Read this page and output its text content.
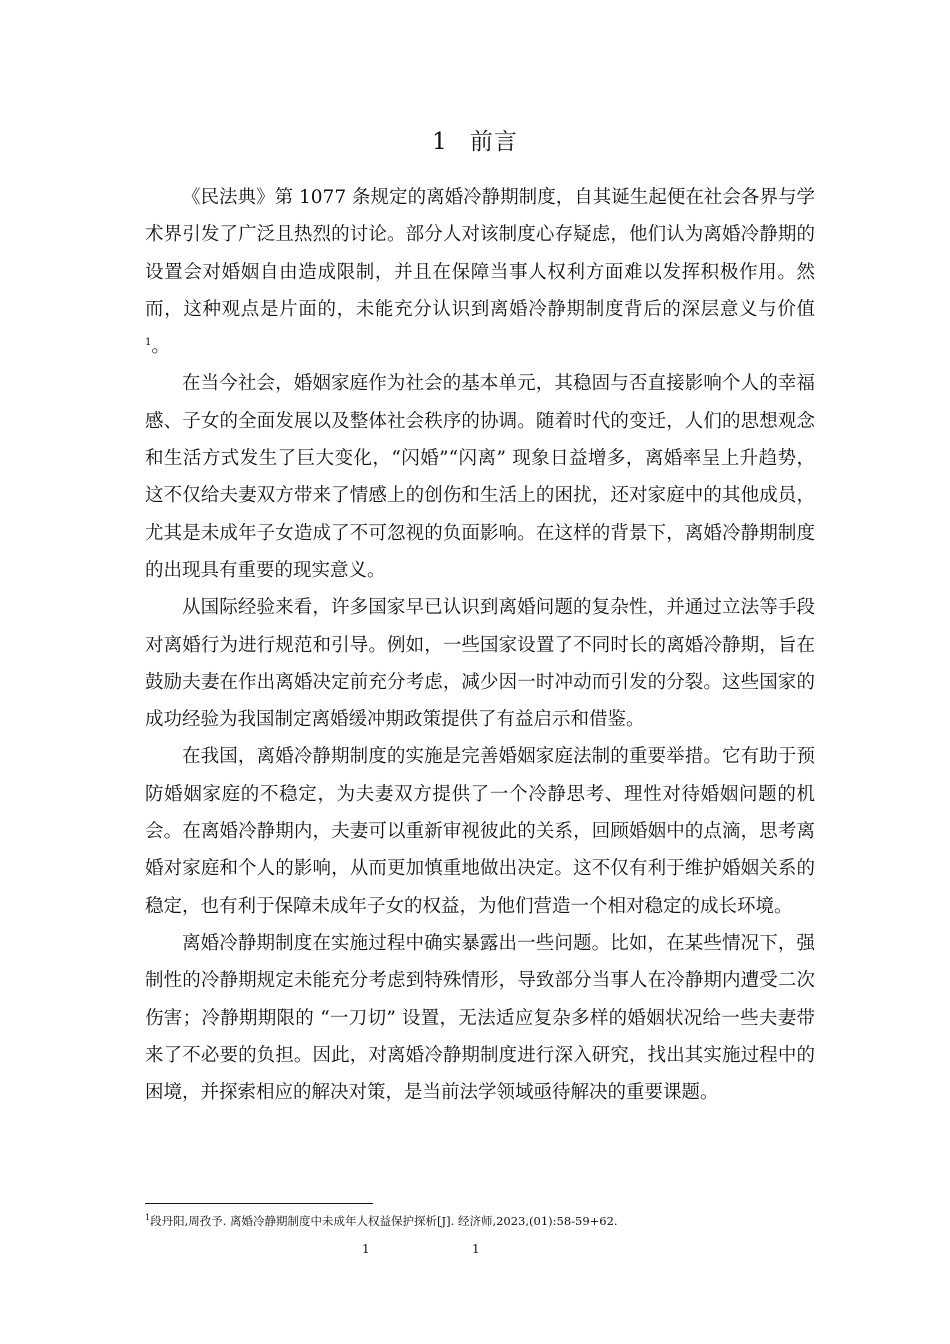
1 前言

《民法典》第 1077 条规定的离婚冷静期制度，自其诞生起便在社会各界与学术界引发了广泛且热烈的讨论。部分人对该制度心存疑虑，他们认为离婚冷静期的设置会对婚姻自由造成限制，并且在保障当事人权利方面难以发挥积极作用。然而，这种观点是片面的，未能充分认识到离婚冷静期制度背后的深层意义与价值$^1$。

在当今社会，婚姻家庭作为社会的基本单元，其稳固与否直接影响个人的幸福感、子女的全面发展以及整体社会秩序的协调。随着时代的变迁，人们的思想观念和生活方式发生了巨大变化，“闪婚”“闪离” 现象日益增多，离婚率呈上升趋势，这不仅给夫妻双方带来了情感上的创伤和生活上的困扰，还对家庭中的其他成员，尤其是未成年子女造成了不可忽视的负面影响。在这样的背景下，离婚冷静期制度的出现具有重要的现实意义。

从国际经验来看，许多国家早已认识到离婚问题的复杂性，并通过立法等手段对离婚行为进行规范和引导。例如，一些国家设置了不同时长的离婚冷静期，旨在鼓励夫妻在作出离婚决定前充分考虑，减少因一时冲动而引发的分裂。这些国家的成功经验为我国制定离婚缓冲期政策提供了有益启示和借鉴。

在我国，离婚冷静期制度的实施是完善婚姻家庭法制的重要举措。它有助于预防婚姻家庭的不稳定，为夫妻双方提供了一个冷静思考、理性对待婚姻问题的机会。在离婚冷静期内，夫妻可以重新审视彼此的关系，回顾婚姻中的点滴，思考离婚对家庭和个人的影响，从而更加慎重地做出决定。这不仅有利于维护婚姻关系的稳定，也有利于保障未成年子女的权益，为他们营造一个相对稳定的成长环境。

离婚冷静期制度在实施过程中确实暴露出一些问题。比如，在某些情况下，强制性的冷静期规定未能充分考虑到特殊情形，导致部分当事人在冷静期内遭受二次伤害；冷静期期限的 “一刀切” 设置，无法适应复杂多样的婚姻状况给一些夫妻带来了不必要的负担。因此，对离婚冷静期制度进行深入研究，找出其实施过程中的困境，并探索相应的解决对策，是当前法学领域亟待解决的重要课题。

$^1$段丹阳,周孜予. 离婚冷静期制度中未成年人权益保护探析[J]. 经济师,2023,(01):58-59+62.
1	1
